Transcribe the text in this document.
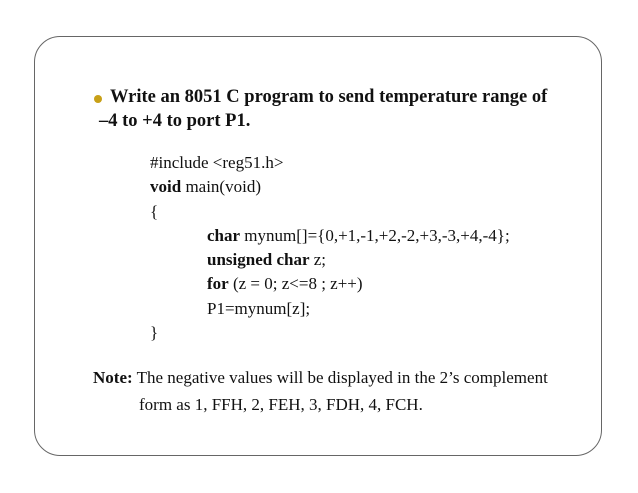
Write an 8051 C program to send temperature range of
–4 to +4 to port P1.
#include <reg51.h>
void main(void)
{
char mynum[]={0,+1,-1,+2,-2,+3,-3,+4,-4};
unsigned char z;
for (z = 0; z<=8 ; z++)
P1=mynum[z];
}
Note: The negative values will be displayed in the 2’s complement
form as 1, FFH, 2, FEH, 3, FDH, 4, FCH.
